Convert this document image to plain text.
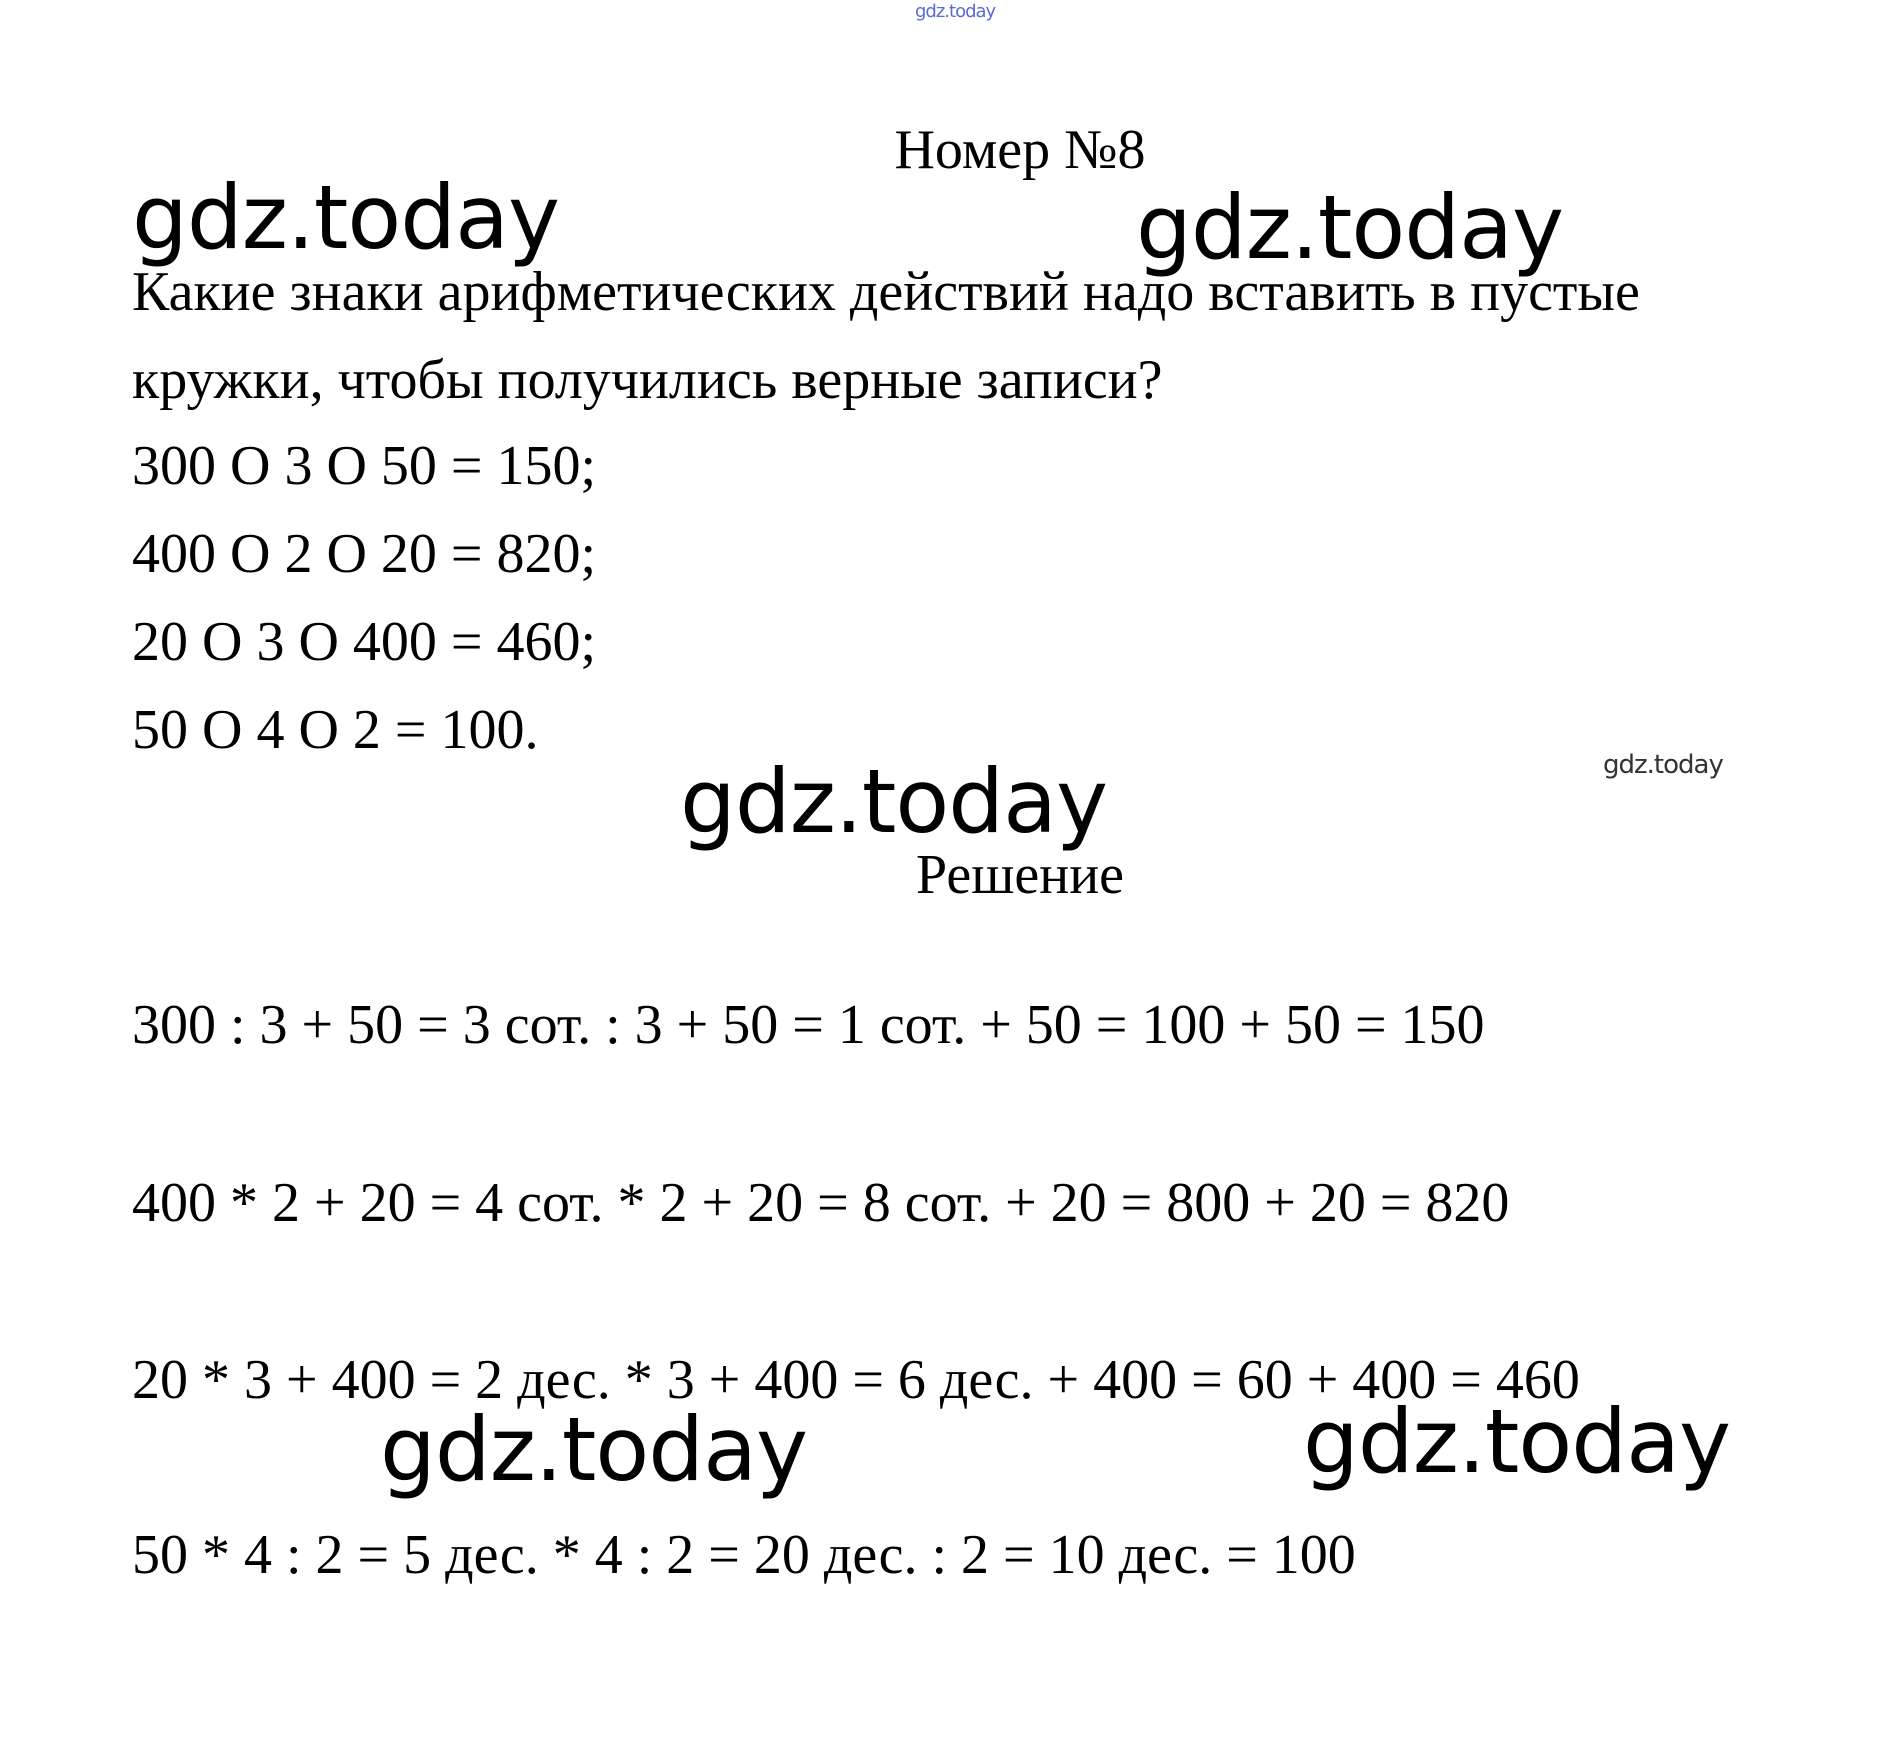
gdz.today
Номер №8
gdz.today	gdz.today
Какие знаки арифметических действий надо вставить в пустые
кружки, чтобы получились верные записи?
300 O 3 O 50 = 150;
400 O 2 O 20 = 820;
20 O 3 O 400 = 460;
50 O 4 O 2 = 100.
gdz.today
gdz.today
Решение
300 : 3 + 50 = 3 сот. : 3 + 50 = 1 сот. + 50 = 100 + 50 = 150
400 * 2 + 20 = 4 сот. * 2 + 20 = 8 сот. + 20 = 800 + 20 = 820
20 * 3 + 400 = 2 дес. * 3 + 400 = 6 дес. + 400 = 60 + 400 = 460
gdz.today	gdz.today
50 * 4 : 2 = 5 дес. * 4 : 2 = 20 дес. : 2 = 10 дес. = 100
